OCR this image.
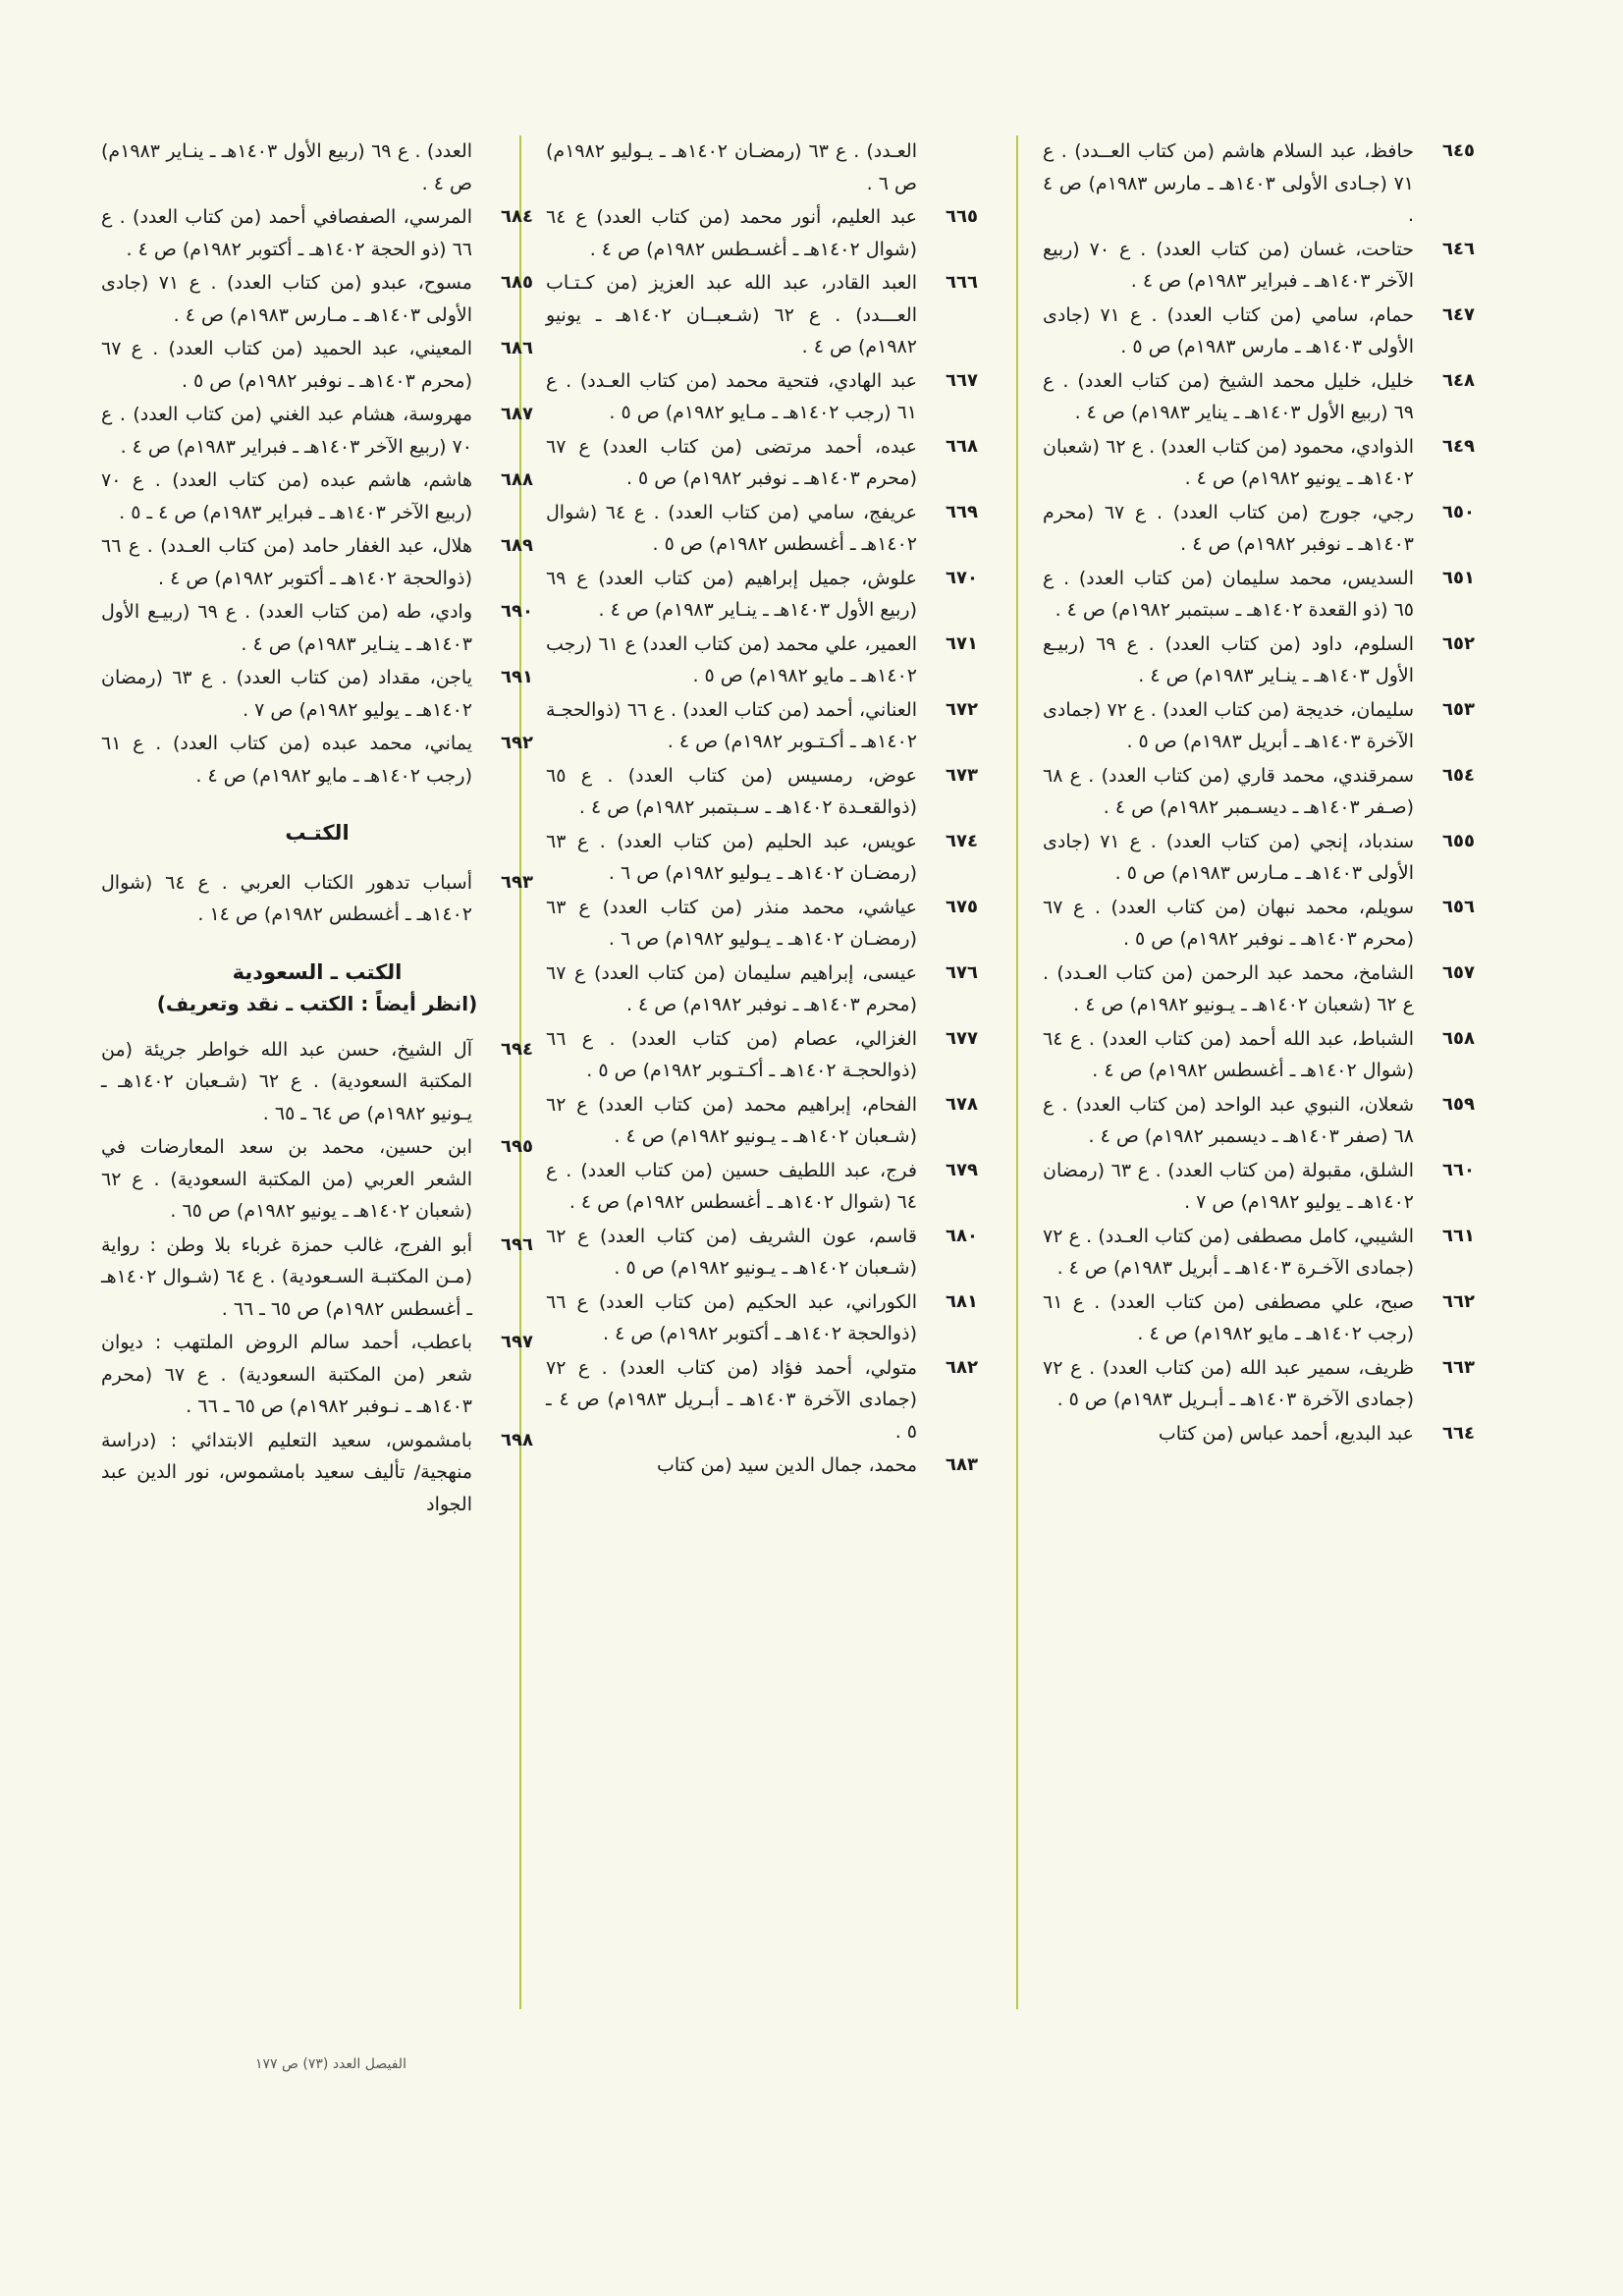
٦٤٥
حافظ، عبد السلام هاشم (من كتاب العــدد) . ع ٧١ (جـادى الأولى ١٤٠٣هـ ـ مارس ١٩٨٣م) ص ٤ .
٦٤٦
حتاحت، غسان (من كتاب العدد) . ع ٧٠ (ربيع الآخر ١٤٠٣هـ ـ فبراير ١٩٨٣م) ص ٤ .
٦٤٧
حمام، سامي (من كتاب العدد) . ع ٧١ (جادى الأولى ١٤٠٣هـ ـ مارس ١٩٨٣م) ص ٥ .
٦٤٨
خليل، خليل محمد الشيخ (من كتاب العدد) . ع ٦٩ (ربيع الأول ١٤٠٣هـ ـ يناير ١٩٨٣م) ص ٤ .
٦٤٩
الذوادي، محمود (من كتاب العدد) . ع ٦٢ (شعبان ١٤٠٢هـ ـ يونيو ١٩٨٢م) ص ٤ .
٦٥٠
رجي، جورج (من كتاب العدد) . ع ٦٧ (محرم ١٤٠٣هـ ـ نوفبر ١٩٨٢م) ص ٤ .
٦٥١
السديس، محمد سليمان (من كتاب العدد) . ع ٦٥ (ذو القعدة ١٤٠٢هـ ـ سبتمبر ١٩٨٢م) ص ٤ .
٦٥٢
السلوم، داود (من كتاب العدد) . ع ٦٩ (ربيـع الأول ١٤٠٣هـ ـ ينـاير ١٩٨٣م) ص ٤ .
٦٥٣
سليمان، خديجة (من كتاب العدد) . ع ٧٢ (جمادى الآخرة ١٤٠٣هـ ـ أبريل ١٩٨٣م) ص ٥ .
٦٥٤
سمرقندي، محمد قاري (من كتاب العدد) . ع ٦٨ (صـفر ١٤٠٣هـ ـ ديسـمبر ١٩٨٢م) ص ٤ .
٦٥٥
سندباد، إنجي (من كتاب العدد) . ع ٧١ (جادى الأولى ١٤٠٣هـ ـ مـارس ١٩٨٣م) ص ٥ .
٦٥٦
سويلم، محمد نبهان (من كتاب العدد) . ع ٦٧ (محرم ١٤٠٣هـ ـ نوفبر ١٩٨٢م) ص ٥ .
٦٥٧
الشامخ، محمد عبد الرحمن (من كتاب العـدد) . ع ٦٢ (شعبان ١٤٠٢هـ ـ يـونيو ١٩٨٢م) ص ٤ .
٦٥٨
الشباط، عبد الله أحمد (من كتاب العدد) . ع ٦٤ (شوال ١٤٠٢هـ ـ أغسطس ١٩٨٢م) ص ٤ .
٦٥٩
شعلان، النبوي عبد الواحد (من كتاب العدد) . ع ٦٨ (صفر ١٤٠٣هـ ـ ديسمبر ١٩٨٢م) ص ٤ .
٦٦٠
الشلق، مقبولة (من كتاب العدد) . ع ٦٣ (رمضان ١٤٠٢هـ ـ يوليو ١٩٨٢م) ص ٧ .
٦٦١
الشيبي، كامل مصطفى (من كتاب العـدد) . ع ٧٢ (جمادى الآخـرة ١٤٠٣هـ ـ أبريل ١٩٨٣م) ص ٤ .
٦٦٢
صبح، علي مصطفى (من كتاب العدد) . ع ٦١ (رجب ١٤٠٢هـ ـ مايو ١٩٨٢م) ص ٤ .
٦٦٣
ظريف، سمير عبد الله (من كتاب العدد) . ع ٧٢ (جمادى الآخرة ١٤٠٣هـ ـ أبـريل ١٩٨٣م) ص ٥ .
٦٦٤
عبد البديع، أحمد عباس (من كتاب
العـدد) . ع ٦٣ (رمضـان ١٤٠٢هـ ـ يـوليو ١٩٨٢م) ص ٦ .
٦٦٥
عبد العليم، أنور محمد (من كتاب العدد) ع ٦٤ (شوال ١٤٠٢هـ ـ أغسـطس ١٩٨٢م) ص ٤ .
٦٦٦
العبد القادر، عبد الله عبد العزيز (من كـتـاب العـــدد) . ع ٦٢ (شـعبــان ١٤٠٢هـ ـ يونيو ١٩٨٢م) ص ٤ .
٦٦٧
عبد الهادي، فتحية محمد (من كتاب العـدد) . ع ٦١ (رجب ١٤٠٢هـ ـ مـايو ١٩٨٢م) ص ٥ .
٦٦٨
عبده، أحمد مرتضى (من كتاب العدد) ع ٦٧ (محرم ١٤٠٣هـ ـ نوفبر ١٩٨٢م) ص ٥ .
٦٦٩
عريفج، سامي (من كتاب العدد) . ع ٦٤ (شوال ١٤٠٢هـ ـ أغسطس ١٩٨٢م) ص ٥ .
٦٧٠
علوش، جميل إبراهيم (من كتاب العدد) ع ٦٩ (ربيع الأول ١٤٠٣هـ ـ ينـاير ١٩٨٣م) ص ٤ .
٦٧١
العمير، علي محمد (من كتاب العدد) ع ٦١ (رجب ١٤٠٢هـ ـ مايو ١٩٨٢م) ص ٥ .
٦٧٢
العناني، أحمد (من كتاب العدد) . ع ٦٦ (ذوالحجـة ١٤٠٢هـ ـ أكـتـوبر ١٩٨٢م) ص ٤ .
٦٧٣
عوض، رمسيس (من كتاب العدد) . ع ٦٥ (ذوالقعـدة ١٤٠٢هـ ـ سـبتمبر ١٩٨٢م) ص ٤ .
٦٧٤
عويس، عبد الحليم (من كتاب العدد) . ع ٦٣ (رمضـان ١٤٠٢هـ ـ يـوليو ١٩٨٢م) ص ٦ .
٦٧٥
عياشي، محمد منذر (من كتاب العدد) ع ٦٣ (رمضـان ١٤٠٢هـ ـ يـوليو ١٩٨٢م) ص ٦ .
٦٧٦
عيسى، إبراهيم سليمان (من كتاب العدد) ع ٦٧ (محرم ١٤٠٣هـ ـ نوفبر ١٩٨٢م) ص ٤ .
٦٧٧
الغزالي، عصام (من كتاب العدد) . ع ٦٦ (ذوالحجـة ١٤٠٢هـ ـ أكـتـوبر ١٩٨٢م) ص ٥ .
٦٧٨
الفحام، إبراهيم محمد (من كتاب العدد) ع ٦٢ (شـعبان ١٤٠٢هـ ـ يـونيو ١٩٨٢م) ص ٤ .
٦٧٩
فرج، عبد اللطيف حسين (من كتاب العدد) . ع ٦٤ (شوال ١٤٠٢هـ ـ أغسطس ١٩٨٢م) ص ٤ .
٦٨٠
قاسم، عون الشريف (من كتاب العدد) ع ٦٢ (شـعبان ١٤٠٢هـ ـ يـونيو ١٩٨٢م) ص ٥ .
٦٨١
الكوراني، عبد الحكيم (من كتاب العدد) ع ٦٦ (ذوالحجة ١٤٠٢هـ ـ أكتوبر ١٩٨٢م) ص ٤ .
٦٨٢
متولي، أحمد فؤاد (من كتاب العدد) . ع ٧٢ (جمادى الآخرة ١٤٠٣هـ ـ أبـريل ١٩٨٣م) ص ٤ ـ ٥ .
٦٨٣
محمد، جمال الدين سيد (من كتاب
العدد) . ع ٦٩ (ربيع الأول ١٤٠٣هـ ـ ينـاير ١٩٨٣م) ص ٤ .
٦٨٤
المرسي، الصفصافي أحمد (من كتاب العدد) . ع ٦٦ (ذو الحجة ١٤٠٢هـ ـ أكتوبر ١٩٨٢م) ص ٤ .
٦٨٥
مسوح، عبدو (من كتاب العدد) . ع ٧١ (جادى الأولى ١٤٠٣هـ ـ مـارس ١٩٨٣م) ص ٤ .
٦٨٦
المعيني، عبد الحميد (من كتاب العدد) . ع ٦٧ (محرم ١٤٠٣هـ ـ نوفبر ١٩٨٢م) ص ٥ .
٦٨٧
مهروسة، هشام عبد الغني (من كتاب العدد) . ع ٧٠ (ربيع الآخر ١٤٠٣هـ ـ فبراير ١٩٨٣م) ص ٤ .
٦٨٨
هاشم، هاشم عبده (من كتاب العدد) . ع ٧٠ (ربيع الآخر ١٤٠٣هـ ـ فبراير ١٩٨٣م) ص ٤ ـ ٥ .
٦٨٩
هلال، عبد الغفار حامد (من كتاب العـدد) . ع ٦٦ (ذوالحجة ١٤٠٢هـ ـ أكتوبر ١٩٨٢م) ص ٤ .
٦٩٠
وادي، طه (من كتاب العدد) . ع ٦٩ (ربيـع الأول ١٤٠٣هـ ـ ينـاير ١٩٨٣م) ص ٤ .
٦٩١
ياجن، مقداد (من كتاب العدد) . ع ٦٣ (رمضان ١٤٠٢هـ ـ يوليو ١٩٨٢م) ص ٧ .
٦٩٢
يماني، محمد عبده (من كتاب العدد) . ع ٦١ (رجب ١٤٠٢هـ ـ مايو ١٩٨٢م) ص ٤ .
الكتـب
٦٩٣
أسباب تدهور الكتاب العربي . ع ٦٤ (شوال ١٤٠٢هـ ـ أغسطس ١٩٨٢م) ص ١٤ .
الكتب ـ السعودية
(انظر أيضاً : الكتب ـ نقد وتعريف)
٦٩٤
آل الشيخ، حسن عبد الله خواطر جريئة (من المكتبة السعودية) . ع ٦٢ (شـعبان ١٤٠٢هـ ـ يـونيو ١٩٨٢م) ص ٦٤ ـ ٦٥ .
٦٩٥
ابن حسين، محمد بن سعد المعارضات في الشعر العربي (من المكتبة السعودية) . ع ٦٢ (شعبان ١٤٠٢هـ ـ يونيو ١٩٨٢م) ص ٦٥ .
٦٩٦
أبو الفرج، غالب حمزة غرباء بلا وطن : رواية (مـن المكتبـة السـعودية) . ع ٦٤ (شـوال ١٤٠٢هـ ـ أغسطس ١٩٨٢م) ص ٦٥ ـ ٦٦ .
٦٩٧
باعطب، أحمد سالم الروض الملتهب : ديوان شعر (من المكتبة السعودية) . ع ٦٧ (محرم ١٤٠٣هـ ـ نـوفبر ١٩٨٢م) ص ٦٥ ـ ٦٦ .
٦٩٨
بامشموس، سعيد التعليم الابتدائي : (دراسة منهجية/ تأليف سعيد بامشموس، نور الدين عبد الجواد
الفيصل العدد (٧٣) ص ١٧٧
